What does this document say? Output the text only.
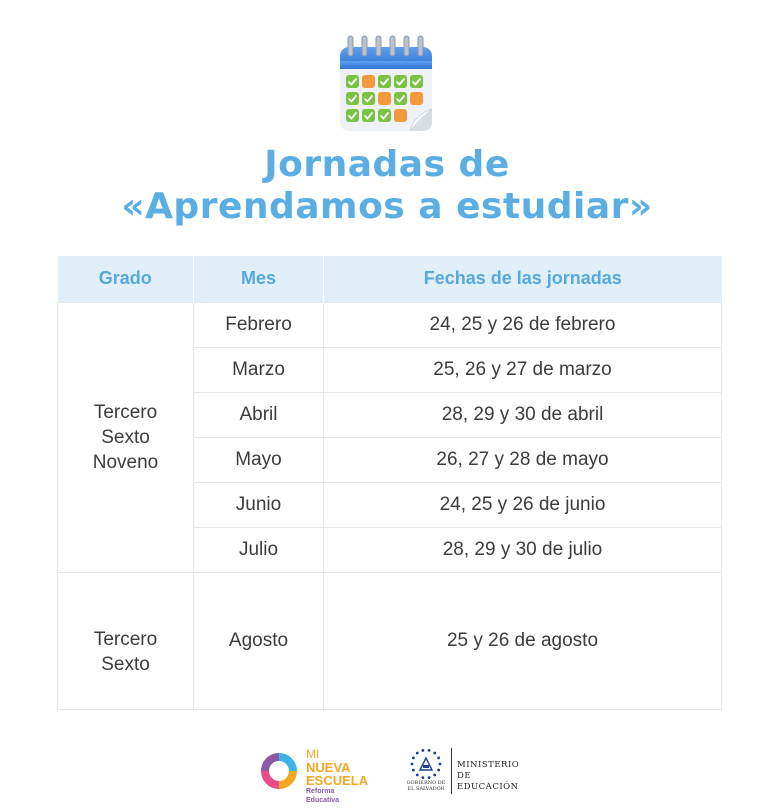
Jornadas de
«Aprendamos a estudiar»
Grado	Mes	Fechas de las jornadas

Tercero
Sexto
Noveno	Febrero	24, 25 y 26 de febrero
	Marzo	25, 26 y 27 de marzo
	Abril	28, 29 y 30 de abril
	Mayo	26, 27 y 28 de mayo
	Junio	24, 25 y 26 de junio
	Julio	28, 29 y 30 de julio

Tercero
Sexto	Agosto	25 y 26 de agosto
MI
NUEVA
ESCUELA
Reforma Educativa
GOBIERNO DE
EL SALVADOR
MINISTERIO
DE EDUCACIÓN
